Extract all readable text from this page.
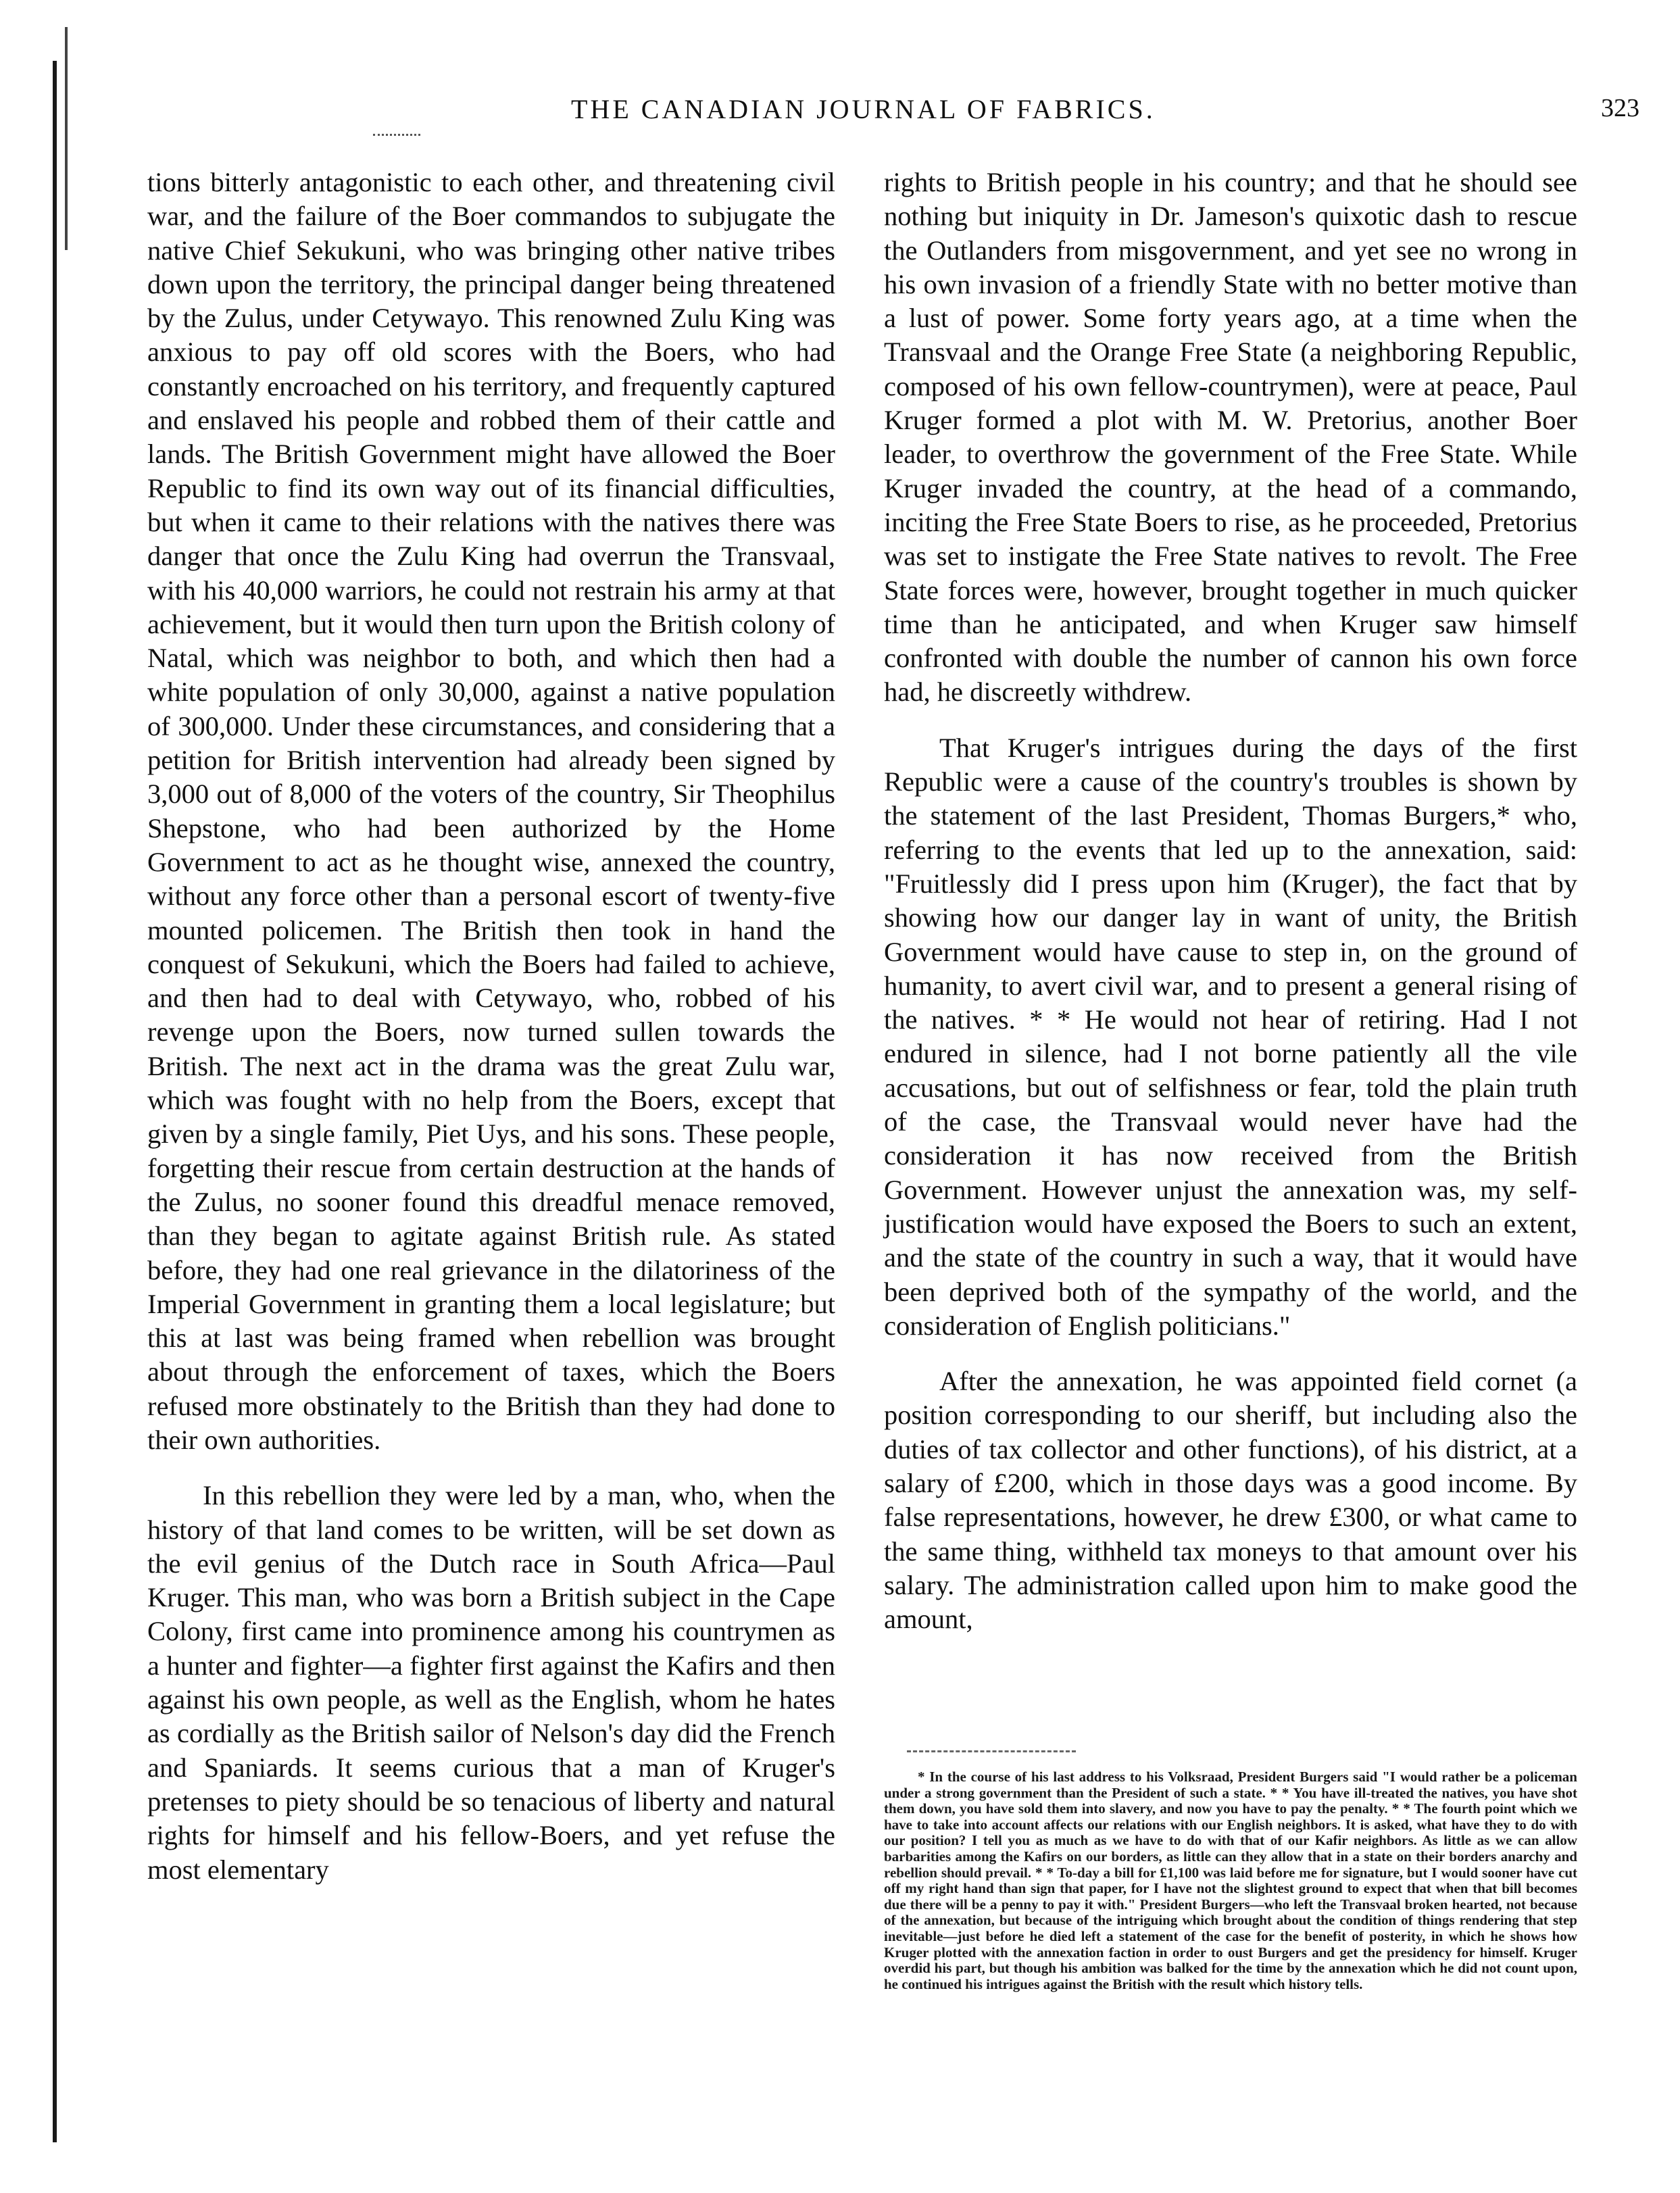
THE CANADIAN JOURNAL OF FABRICS.	323

tions bitterly antagonistic to each other, and threatening civil war, and the failure of the Boer commandos to subjugate the native Chief Sekukuni, who was bringing other native tribes down upon the territory, the principal danger being threatened by the Zulus, under Cetywayo. This renowned Zulu King was anxious to pay off old scores with the Boers, who had constantly encroached on his territory, and frequently captured and enslaved his people and robbed them of their cattle and lands. The British Government might have allowed the Boer Republic to find its own way out of its financial difficulties, but when it came to their relations with the natives there was danger that once the Zulu King had overrun the Transvaal, with his 40,000 warriors, he could not restrain his army at that achievement, but it would then turn upon the British colony of Natal, which was neighbor to both, and which then had a white population of only 30,000, against a native population of 300,000. Under these circumstances, and considering that a petition for British intervention had already been signed by 3,000 out of 8,000 of the voters of the country, Sir Theophilus Shepstone, who had been authorized by the Home Government to act as he thought wise, annexed the country, without any force other than a personal escort of twenty-five mounted policemen. The British then took in hand the conquest of Sekukuni, which the Boers had failed to achieve, and then had to deal with Cetywayo, who, robbed of his revenge upon the Boers, now turned sullen towards the British. The next act in the drama was the great Zulu war, which was fought with no help from the Boers, except that given by a single family, Piet Uys, and his sons. These people, forgetting their rescue from certain destruction at the hands of the Zulus, no sooner found this dreadful menace removed, than they began to agitate against British rule. As stated before, they had one real grievance in the dilatoriness of the Imperial Government in granting them a local legislature; but this at last was being framed when rebellion was brought about through the enforcement of taxes, which the Boers refused more obstinately to the British than they had done to their own authorities.

In this rebellion they were led by a man, who, when the history of that land comes to be written, will be set down as the evil genius of the Dutch race in South Africa—Paul Kruger. This man, who was born a British subject in the Cape Colony, first came into prominence among his countrymen as a hunter and fighter—a fighter first against the Kafirs and then against his own people, as well as the English, whom he hates as cordially as the British sailor of Nelson's day did the French and Spaniards. It seems curious that a man of Kruger's pretenses to piety should be so tenacious of liberty and natural rights for himself and his fellow-Boers, and yet refuse the most elementary

rights to British people in his country; and that he should see nothing but iniquity in Dr. Jameson's quixotic dash to rescue the Outlanders from misgovernment, and yet see no wrong in his own invasion of a friendly State with no better motive than a lust of power. Some forty years ago, at a time when the Transvaal and the Orange Free State (a neighboring Republic, composed of his own fellow-countrymen), were at peace, Paul Kruger formed a plot with M. W. Pretorius, another Boer leader, to overthrow the government of the Free State. While Kruger invaded the country, at the head of a commando, inciting the Free State Boers to rise, as he proceeded, Pretorius was set to instigate the Free State natives to revolt. The Free State forces were, however, brought together in much quicker time than he anticipated, and when Kruger saw himself confronted with double the number of cannon his own force had, he discreetly withdrew.

That Kruger's intrigues during the days of the first Republic were a cause of the country's troubles is shown by the statement of the last President, Thomas Burgers,* who, referring to the events that led up to the annexation, said: "Fruitlessly did I press upon him (Kruger), the fact that by showing how our danger lay in want of unity, the British Government would have cause to step in, on the ground of humanity, to avert civil war, and to present a general rising of the natives. * * He would not hear of retiring. Had I not endured in silence, had I not borne patiently all the vile accusations, but out of selfishness or fear, told the plain truth of the case, the Transvaal would never have had the consideration it has now received from the British Government. However unjust the annexation was, my self-justification would have exposed the Boers to such an extent, and the state of the country in such a way, that it would have been deprived both of the sympathy of the world, and the consideration of English politicians."

After the annexation, he was appointed field cornet (a position corresponding to our sheriff, but including also the duties of tax collector and other functions), of his district, at a salary of £200, which in those days was a good income. By false representations, however, he drew £300, or what came to the same thing, withheld tax moneys to that amount over his salary. The administration called upon him to make good the amount,

* In the course of his last address to his Volksraad, President Burgers said "I would rather be a policeman under a strong government than the President of such a state. * * You have ill-treated the natives, you have shot them down, you have sold them into slavery, and now you have to pay the penalty. * * The fourth point which we have to take into account affects our relations with our English neighbors. It is asked, what have they to do with our position? I tell you as much as we have to do with that of our Kafir neighbors. As little as we can allow barbarities among the Kafirs on our borders, as little can they allow that in a state on their borders anarchy and rebellion should prevail. * * To-day a bill for £1,100 was laid before me for signature, but I would sooner have cut off my right hand than sign that paper, for I have not the slightest ground to expect that when that bill becomes due there will be a penny to pay it with." President Burgers—who left the Transvaal broken hearted, not because of the annexation, but because of the intriguing which brought about the condition of things rendering that step inevitable—just before he died left a statement of the case for the benefit of posterity, in which he shows how Kruger plotted with the annexation faction in order to oust Burgers and get the presidency for himself. Kruger overdid his part, but though his ambition was balked for the time by the annexation which he did not count upon, he continued his intrigues against the British with the result which history tells.
